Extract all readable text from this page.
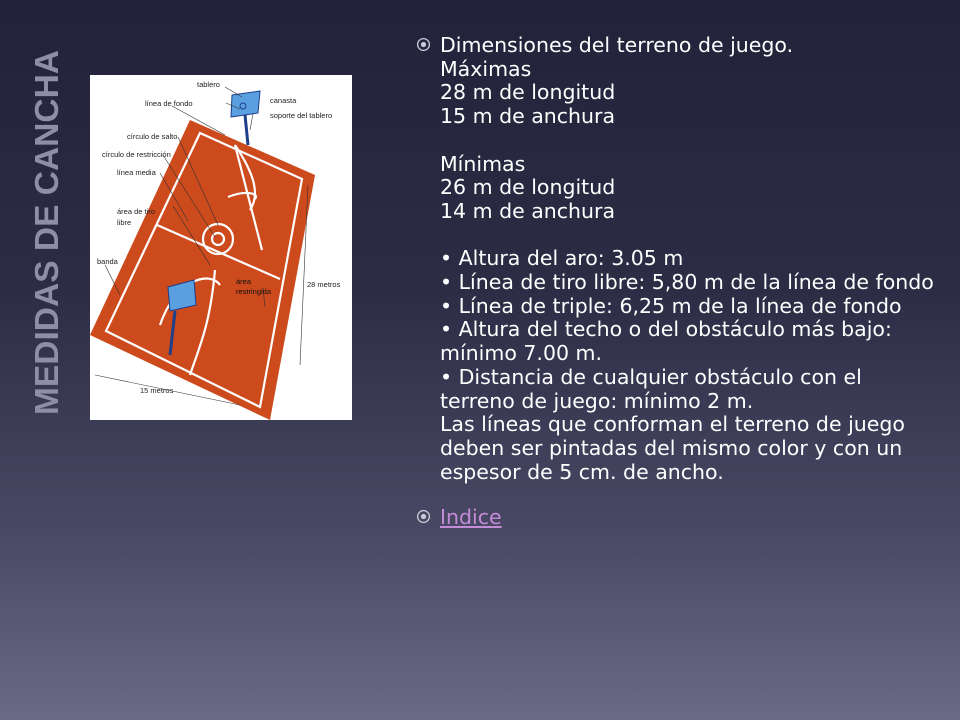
MEDIDAS DE CANCHA	tablero
línea de fondo	canasta
soporte del tablero
círculo de salto
círculo de restricción
línea media
área de tiro
libre
banda
área
restringida
28 metros
15 metros
Dimensiones del terreno de juego.
Máximas
28 m de longitud
15 m de anchura
Mínimas
26 m de longitud
14 m de anchura
• Altura del aro: 3.05 m
• Línea de tiro libre: 5,80 m de la línea de fondo
• Línea de triple: 6,25 m de la línea de fondo
• Altura del techo o del obstáculo más bajo: mínimo 7.00 m.
• Distancia de cualquier obstáculo con el terreno de juego: mínimo 2 m.
Las líneas que conforman el terreno de juego deben ser pintadas del mismo color y con un espesor de 5 cm. de ancho.
Indice
